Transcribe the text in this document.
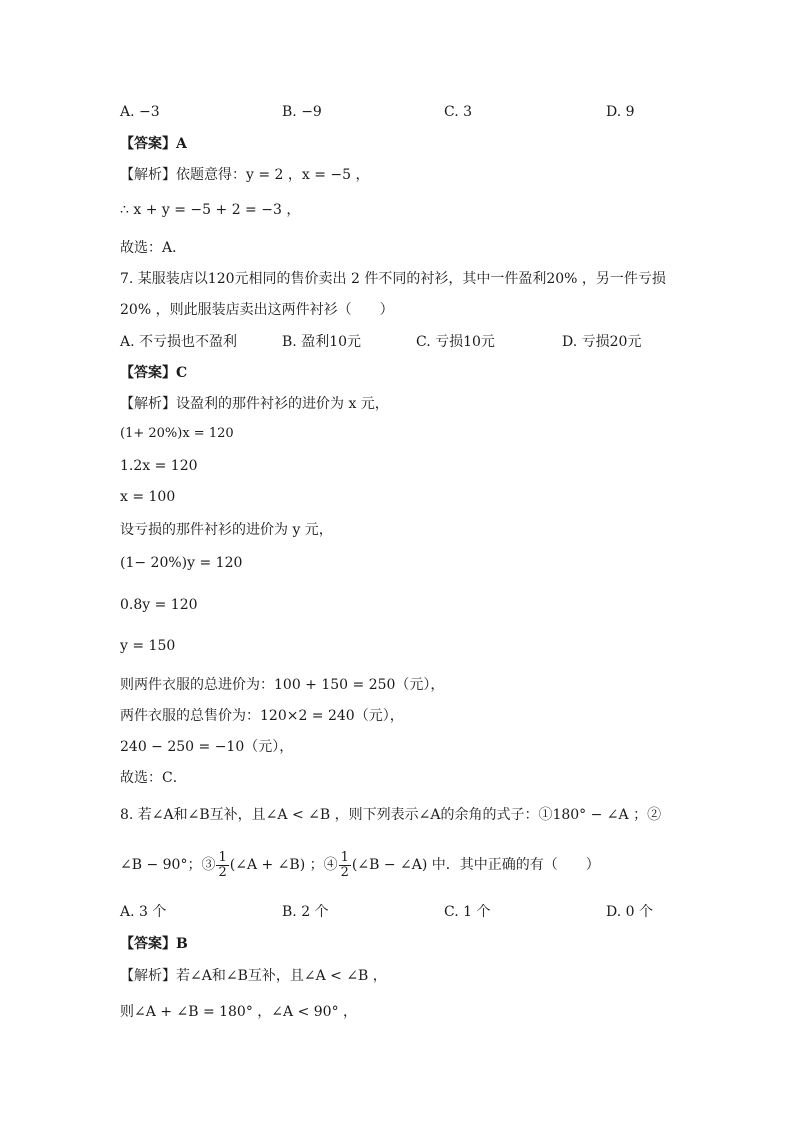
A. −3	B. −9	C. 3	D. 9
【答案】A
【解析】依题意得：y = 2 ，x = −5 ，
∴ x + y = −5 + 2 = −3 ，
故选：A．
7. 某服装店以120元相同的售价卖出 2 件不同的衬衫，其中一件盈利20% ，另一件亏损
20% ，则此服装店卖出这两件衬衫（　　）
A. 不亏损也不盈利	B. 盈利10元	C. 亏损10元	D. 亏损20元
【答案】C
【解析】设盈利的那件衬衫的进价为 x 元，
(1+ 20%)x = 120
1.2x = 120
x = 100
设亏损的那件衬衫的进价为 y 元，
(1− 20%)y = 120
0.8y = 120
y = 150
则两件衣服的总进价为：100 + 150 = 250（元），
两件衣服的总售价为：120×2 = 240（元），
240 − 250 = −10（元），
故选：C．
8. 若∠A和∠B互补，且∠A < ∠B ，则下列表示∠A的余角的式子：①180° − ∠A ；②
∠B − 90°；③ $\frac{1}{2}$ (∠A + ∠B) ；④ $\frac{1}{2}$ (∠B − ∠A) 中．其中正确的有（　　）
A. 3 个	B. 2 个	C. 1 个	D. 0 个
【答案】B
【解析】若∠A和∠B互补，且∠A < ∠B ，
则∠A + ∠B = 180° ，∠A < 90° ，
